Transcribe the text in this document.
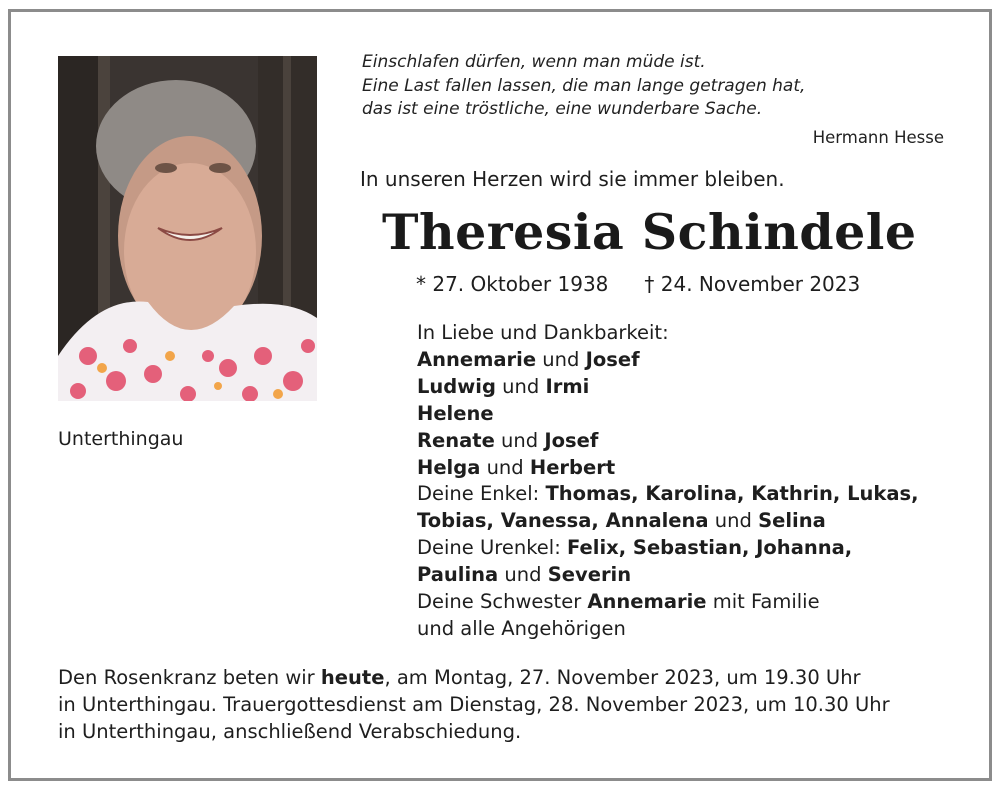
Unterthingau
Einschlafen dürfen, wenn man müde ist.
Eine Last fallen lassen, die man lange getragen hat,
das ist eine tröstliche, eine wunderbare Sache.
Hermann Hesse
In unseren Herzen wird sie immer bleiben.
Theresia Schindele
* 27. Oktober 1938 † 24. November 2023
In Liebe und Dankbarkeit:
Annemarie und Josef
Ludwig und Irmi
Helene
Renate und Josef
Helga und Herbert
Deine Enkel: Thomas, Karolina, Kathrin, Lukas,
Tobias, Vanessa, Annalena und Selina
Deine Urenkel: Felix, Sebastian, Johanna,
Paulina und Severin
Deine Schwester Annemarie mit Familie
und alle Angehörigen
Den Rosenkranz beten wir heute, am Montag, 27. November 2023, um 19.30 Uhr
in Unterthingau. Trauergottesdienst am Dienstag, 28. November 2023, um 10.30 Uhr
in Unterthingau, anschließend Verabschiedung.
